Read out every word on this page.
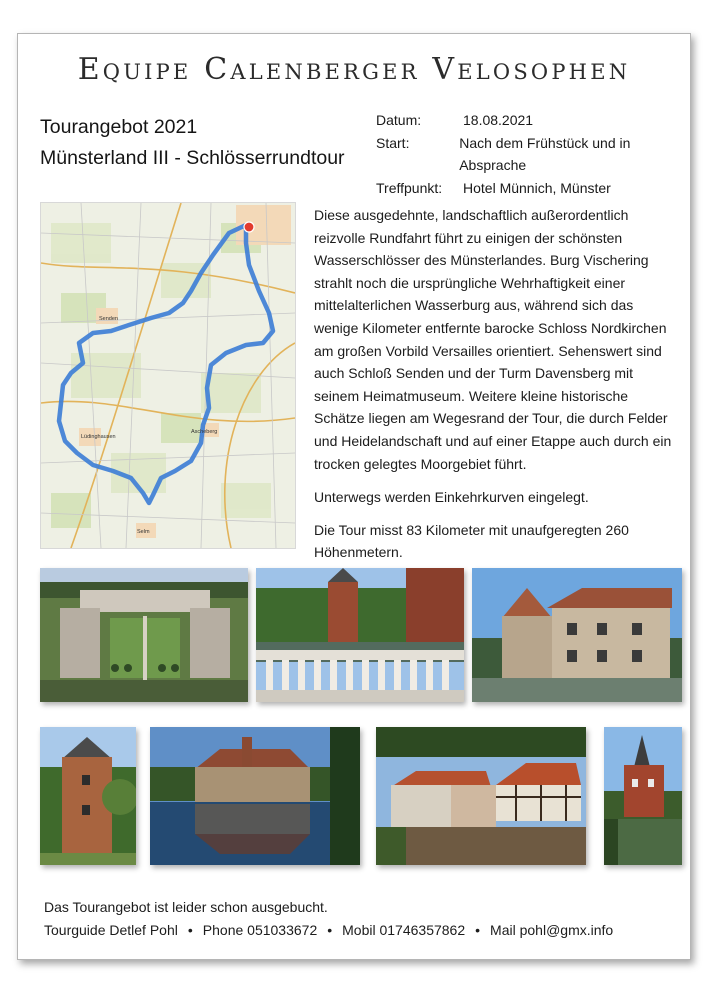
Equipe Calenberger Velosophen
Tourangebot 2021
Münsterland III - Schlösserrundtour
Datum:	18.08.2021
Start:	Nach dem Frühstück und in Absprache
Treffpunkt:	Hotel Münnich, Münster
Senden
Ascheberg
Lüdinghausen
Selm

Diese ausgedehnte, landschaftlich außerordentlich reizvolle Rundfahrt führt zu einigen der schönsten Wasserschlösser des Münsterlandes. Burg Vischering strahlt noch die ursprüngliche Wehrhaftigkeit einer mittelalterlichen Wasserburg aus, während sich das wenige Kilometer entfernte barocke Schloss Nordkirchen am großen Vorbild Versailles orientiert. Sehenswert sind auch Schloß Senden und der Turm Davensberg mit seinem Heimatmuseum. Weitere kleine historische Schätze liegen am Wegesrand der Tour, die durch Felder und Heidelandschaft und auf einer Etappe auch durch ein trocken gelegtes Moorgebiet führt.

Unterwegs werden Einkehrkurven eingelegt.

Die Tour misst 83 Kilometer mit unaufgeregten 260 Höhenmetern.

Das Tourangebot ist leider schon ausgebucht.
Tourguide Detlef Pohl • Phone 051033672 • Mobil 01746357862 • Mail pohl@gmx.info
